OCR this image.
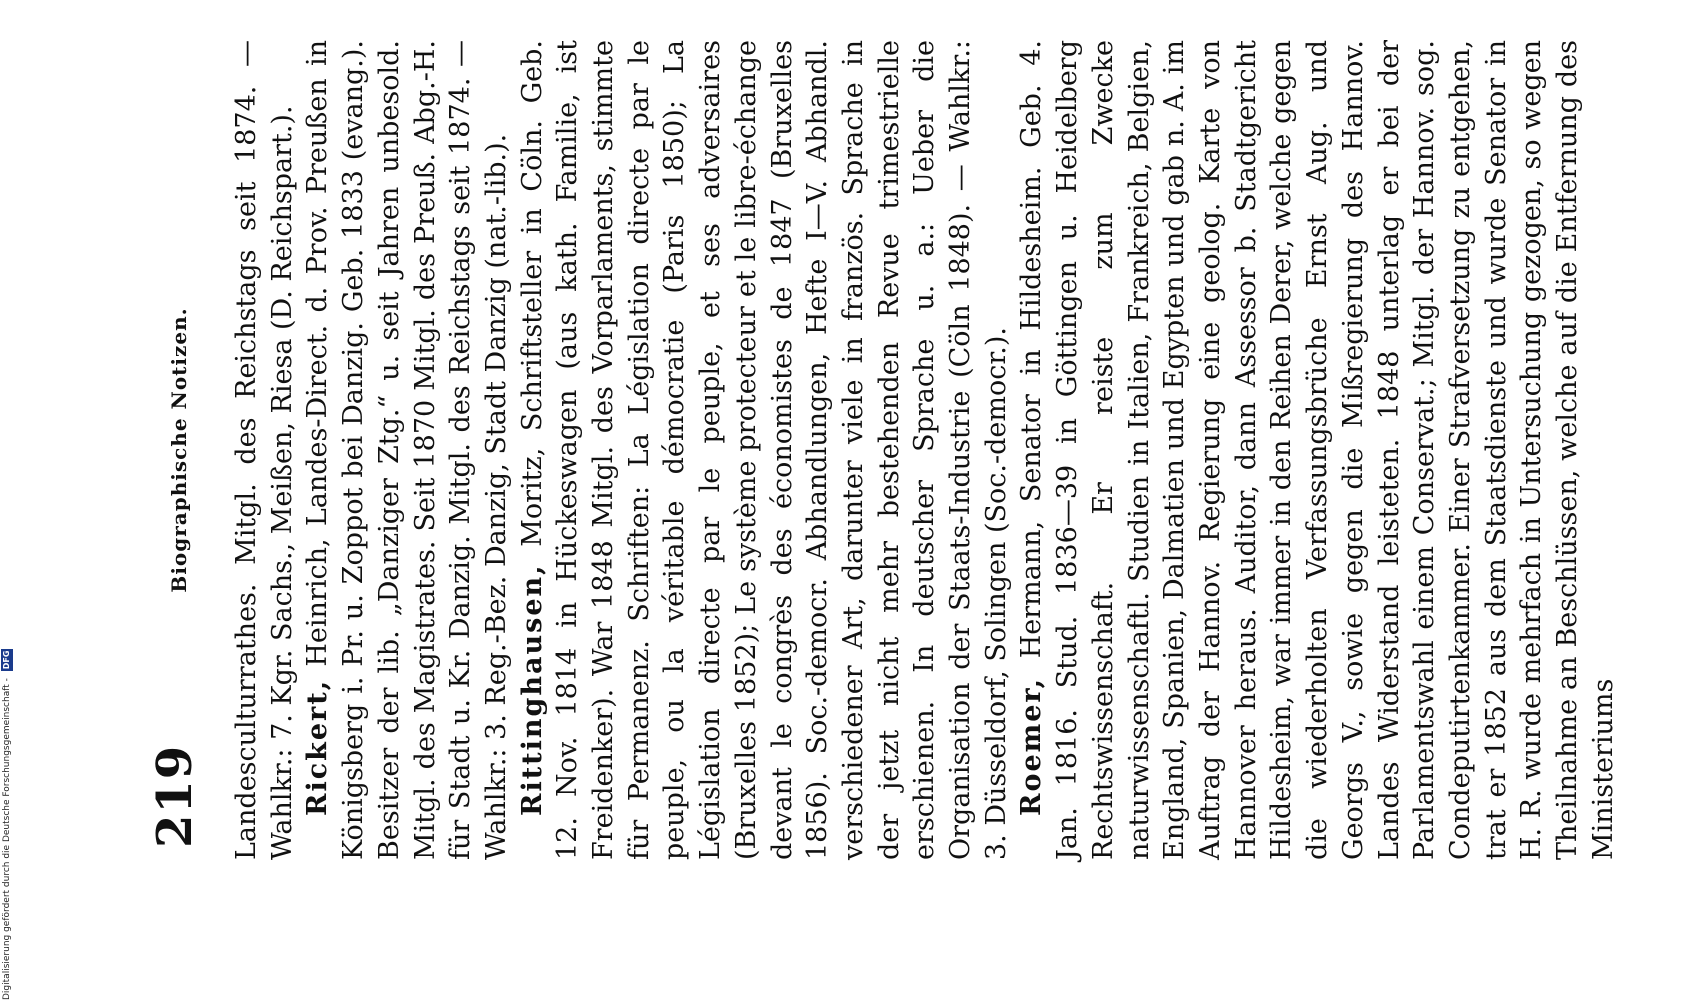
219
Biographische Notizen. Landesculturrathes. Mitgl. des Reichstags seit 1874. — Wahlkr.: 7. Kgr. Sachs., Meißen, Riesa (D. Reichspart.). Rickert, Heinrich, Landes-Direct. d. Prov. Preußen in Königsberg i. Pr. u. Zoppot bei Danzig. Geb. 1833 (evang.). Besitzer der lib. „Danziger Ztg.“ u. seit Jahren unbesold. Mitgl. des Magistrates. Seit 1870 Mitgl. des Preuß. Abg.-H. für Stadt u. Kr. Danzig. Mitgl. des Reichstags seit 1874. — Wahlkr.: 3. Reg.-Bez. Danzig, Stadt Danzig (nat.-lib.). Rittinghausen, Moritz, Schriftsteller in Cöln. Geb. 12. Nov. 1814 in Hückeswagen (aus kath. Familie, ist Freidenker). War 1848 Mitgl. des Vorparlaments, stimmte für Permanenz. Schriften: La Législation directe par le peuple, ou la véritable démocratie (Paris 1850); La Législation directe par le peuple, et ses adversaires (Bruxelles 1852); Le système protecteur et le libre-échange devant le congrès des économistes de 1847 (Bruxelles 1856). Soc.-democr. Abhandlungen, Hefte I—V. Abhandl. verschiedener Art, darunter viele in französ. Sprache in der jetzt nicht mehr bestehenden Revue trimestrielle erschienen. In deutscher Sprache u. a.: Ueber die Organisation der Staats-Industrie (Cöln 1848). — Wahlkr.: 3. Düsseldorf, Solingen (Soc.-democr.). Roemer, Hermann, Senator in Hildesheim. Geb. 4. Jan. 1816. Stud. 1836—39 in Göttingen u. Heidelberg Rechtswissenschaft. Er reiste zum Zwecke naturwissenschaftl. Studien in Italien, Frankreich, Belgien, England, Spanien, Dalmatien und Egypten und gab n. A. im Auftrag der Hannov. Regierung eine geolog. Karte von Hannover heraus. Auditor, dann Assessor b. Stadtgericht Hildesheim, war immer in den Reihen Derer, welche gegen die wiederholten Verfassungsbrüche Ernst Aug. und Georgs V., sowie gegen die Mißregierung des Hannov. Landes Widerstand leisteten. 1848 unterlag er bei der Parlamentswahl einem Conservat.; Mitgl. der Hannov. sog. Condeputirtenkammer. Einer Strafversetzung zu entgehen, trat er 1852 aus dem Staatsdienste und wurde Senator in H. R. wurde mehrfach in Untersuchung gezogen, so wegen Theilnahme an Beschlüssen, welche auf die Entfernung des Ministeriums

Digitalisierung gefördert durch die Deutsche Forschungsgemeinschaft - DFG
